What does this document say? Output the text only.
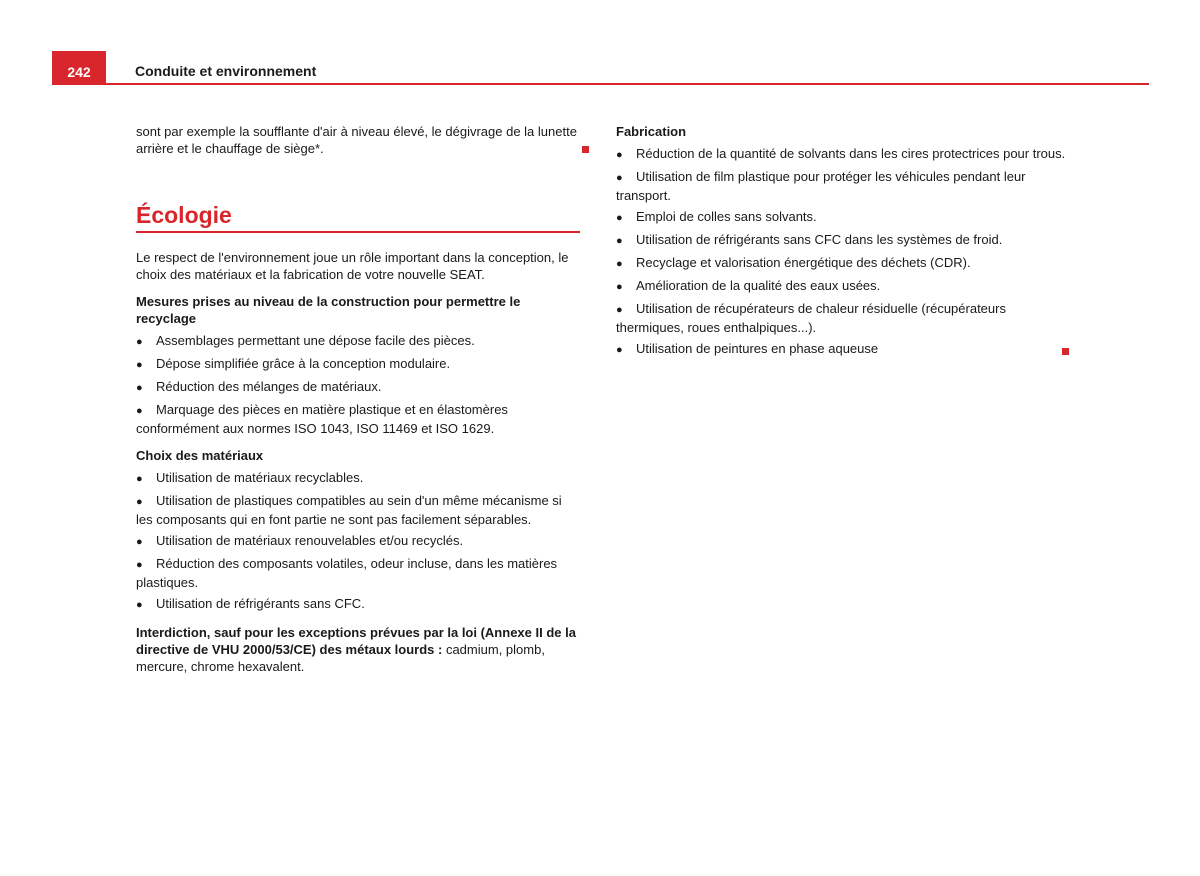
242	Conduite et environnement

sont par exemple la soufflante d'air à niveau élevé, le dégivrage de la lunette arrière et le chauffage de siège*.

Écologie

Le respect de l'environnement joue un rôle important dans la conception, le choix des matériaux et la fabrication de votre nouvelle SEAT.

Mesures prises au niveau de la construction pour permettre le recyclage

● Assemblages permettant une dépose facile des pièces.
● Dépose simplifiée grâce à la conception modulaire.
● Réduction des mélanges de matériaux.
● Marquage des pièces en matière plastique et en élastomères conformément aux normes ISO 1043, ISO 11469 et ISO 1629.

Choix des matériaux

● Utilisation de matériaux recyclables.
● Utilisation de plastiques compatibles au sein d'un même mécanisme si les composants qui en font partie ne sont pas facilement séparables.
● Utilisation de matériaux renouvelables et/ou recyclés.
● Réduction des composants volatiles, odeur incluse, dans les matières plastiques.
● Utilisation de réfrigérants sans CFC.

Interdiction, sauf pour les exceptions prévues par la loi (Annexe II de la directive de VHU 2000/53/CE) des métaux lourds : cadmium, plomb, mercure, chrome hexavalent.

Fabrication

● Réduction de la quantité de solvants dans les cires protectrices pour trous.
● Utilisation de film plastique pour protéger les véhicules pendant leur transport.
● Emploi de colles sans solvants.
● Utilisation de réfrigérants sans CFC dans les systèmes de froid.
● Recyclage et valorisation énergétique des déchets (CDR).
● Amélioration de la qualité des eaux usées.
● Utilisation de récupérateurs de chaleur résiduelle (récupérateurs thermiques, roues enthalpiques...).
● Utilisation de peintures en phase aqueuse
